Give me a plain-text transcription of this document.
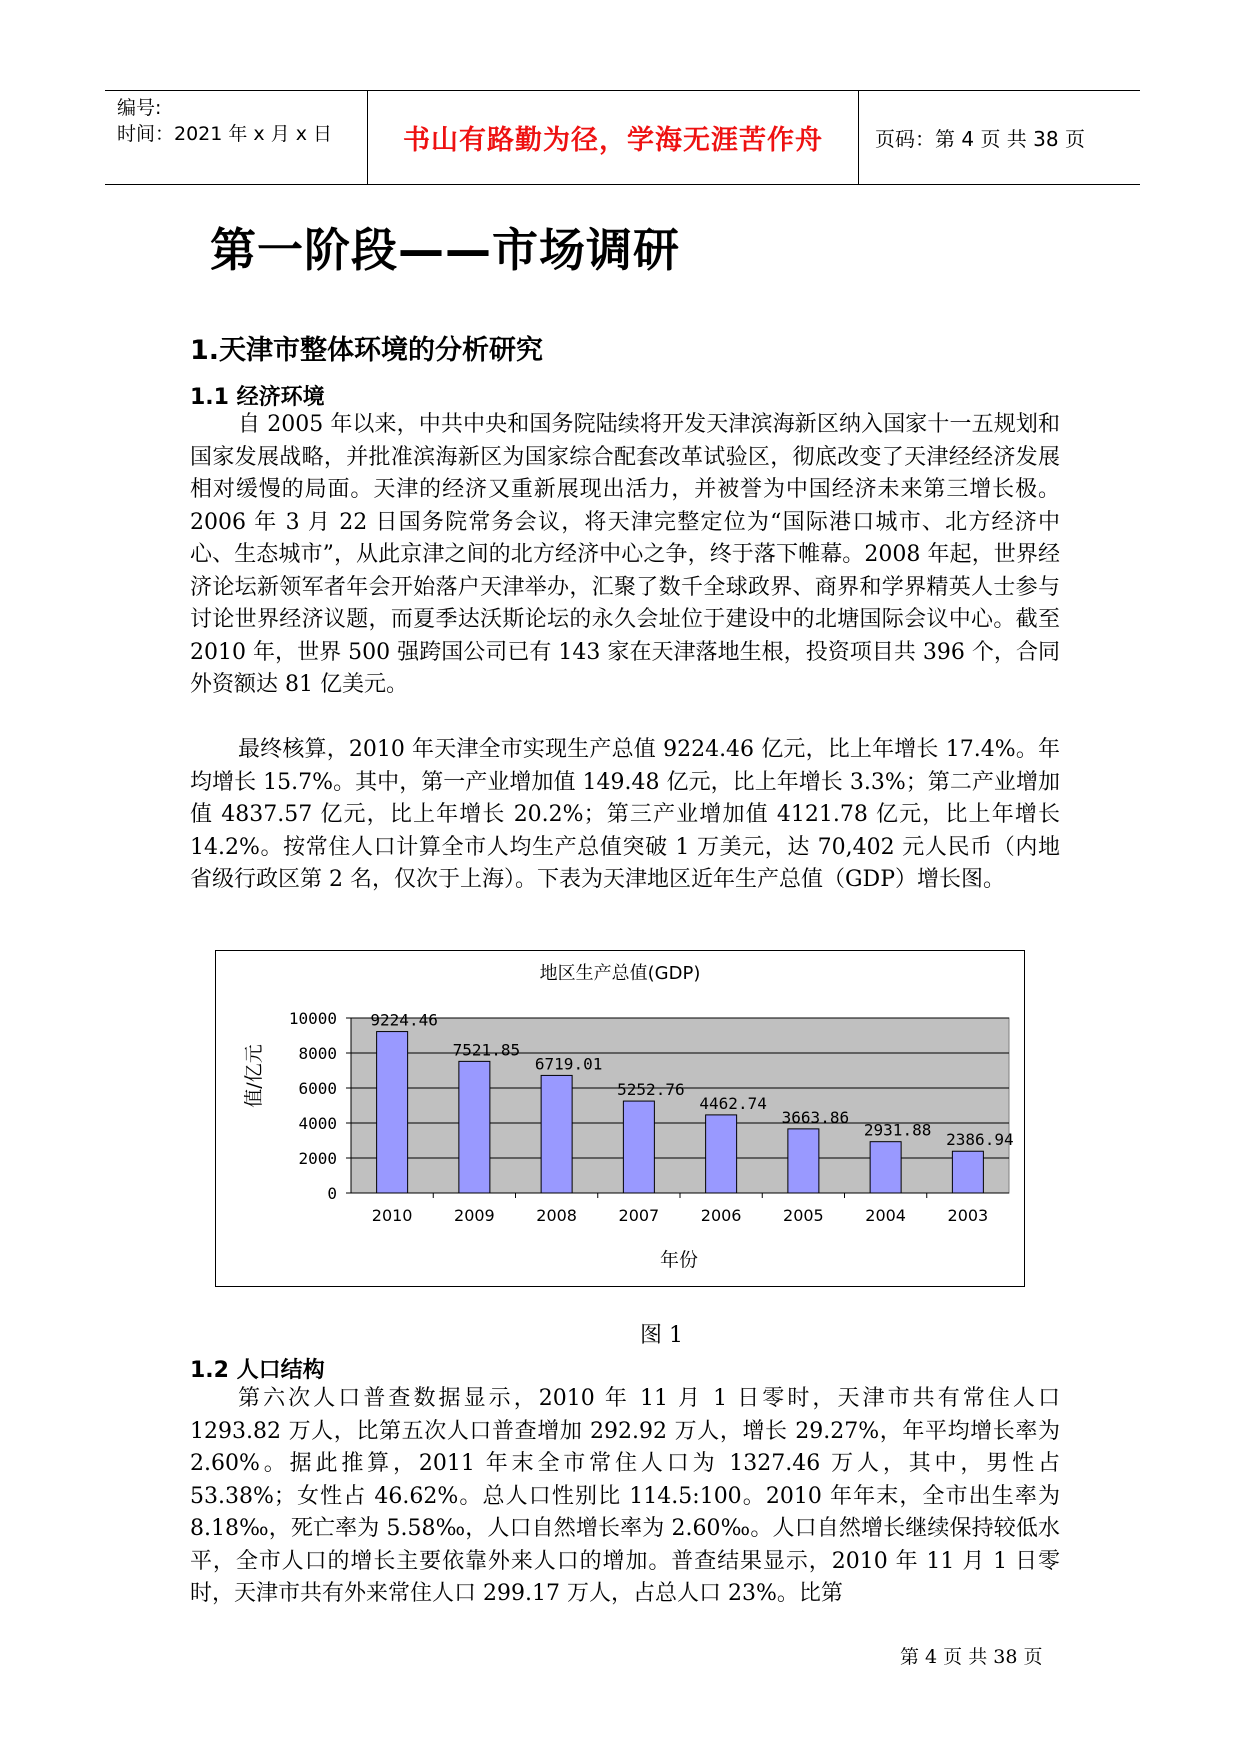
编号:
时间：2021 年 x 月 x 日	书山有路勤为径，学海无涯苦作舟	页码：第 4 页 共 38 页
第一阶段——市场调研
1.天津市整体环境的分析研究
1.1 经济环境
自 2005 年以来，中共中央和国务院陆续将开发天津滨海新区纳入国家十一五规划和国家发展战略，并批准滨海新区为国家综合配套改革试验区，彻底改变了天津经经济发展相对缓慢的局面。天津的经济又重新展现出活力，并被誉为中国经济未来第三增长极。2006 年 3 月 22 日国务院常务会议，将天津完整定位为“国际港口城市、北方经济中心、生态城市”，从此京津之间的北方经济中心之争，终于落下帷幕。2008 年起，世界经济论坛新领军者年会开始落户天津举办，汇聚了数千全球政界、商界和学界精英人士参与讨论世界经济议题，而夏季达沃斯论坛的永久会址位于建设中的北塘国际会议中心。截至 2010 年，世界 500 强跨国公司已有 143 家在天津落地生根，投资项目共 396 个，合同外资额达 81 亿美元。
最终核算，2010 年天津全市实现生产总值 9224.46 亿元，比上年增长 17.4%。年均增长 15.7%。其中，第一产业增加值 149.48 亿元，比上年增长 3.3%；第二产业增加值 4837.57 亿元，比上年增长 20.2%；第三产业增加值 4121.78 亿元，比上年增长 14.2%。按常住人口计算全市人均生产总值突破 1 万美元，达 70,402 元人民币（内地省级行政区第 2 名，仅次于上海）。下表为天津地区近年生产总值（GDP）增长图。
地区生产总值(GDP)
值/亿元
年份
0
2000
4000
6000
8000
10000 9224.46
2010
7521.85
2009
6719.01
2008
5252.76
2007
4462.74
2006
3663.86
2005
2931.88
2004
2386.94
2003
图 1
1.2 人口结构
第六次人口普查数据显示，2010 年 11 月 1 日零时，天津市共有常住人口 1293.82 万人，比第五次人口普查增加 292.92 万人，增长 29.27%，年平均增长率为 2.60%。据此推算，2011 年末全市常住人口为 1327.46 万人，其中，男性占 53.38%；女性占 46.62%。总人口性别比 114.5:100。2010 年年末，全市出生率为 8.18‰，死亡率为 5.58‰，人口自然增长率为 2.60‰。人口自然增长继续保持较低水平，全市人口的增长主要依靠外来人口的增加。普查结果显示，2010 年 11 月 1 日零时，天津市共有外来常住人口 299.17 万人，占总人口 23%。比第
第 4 页 共 38 页
